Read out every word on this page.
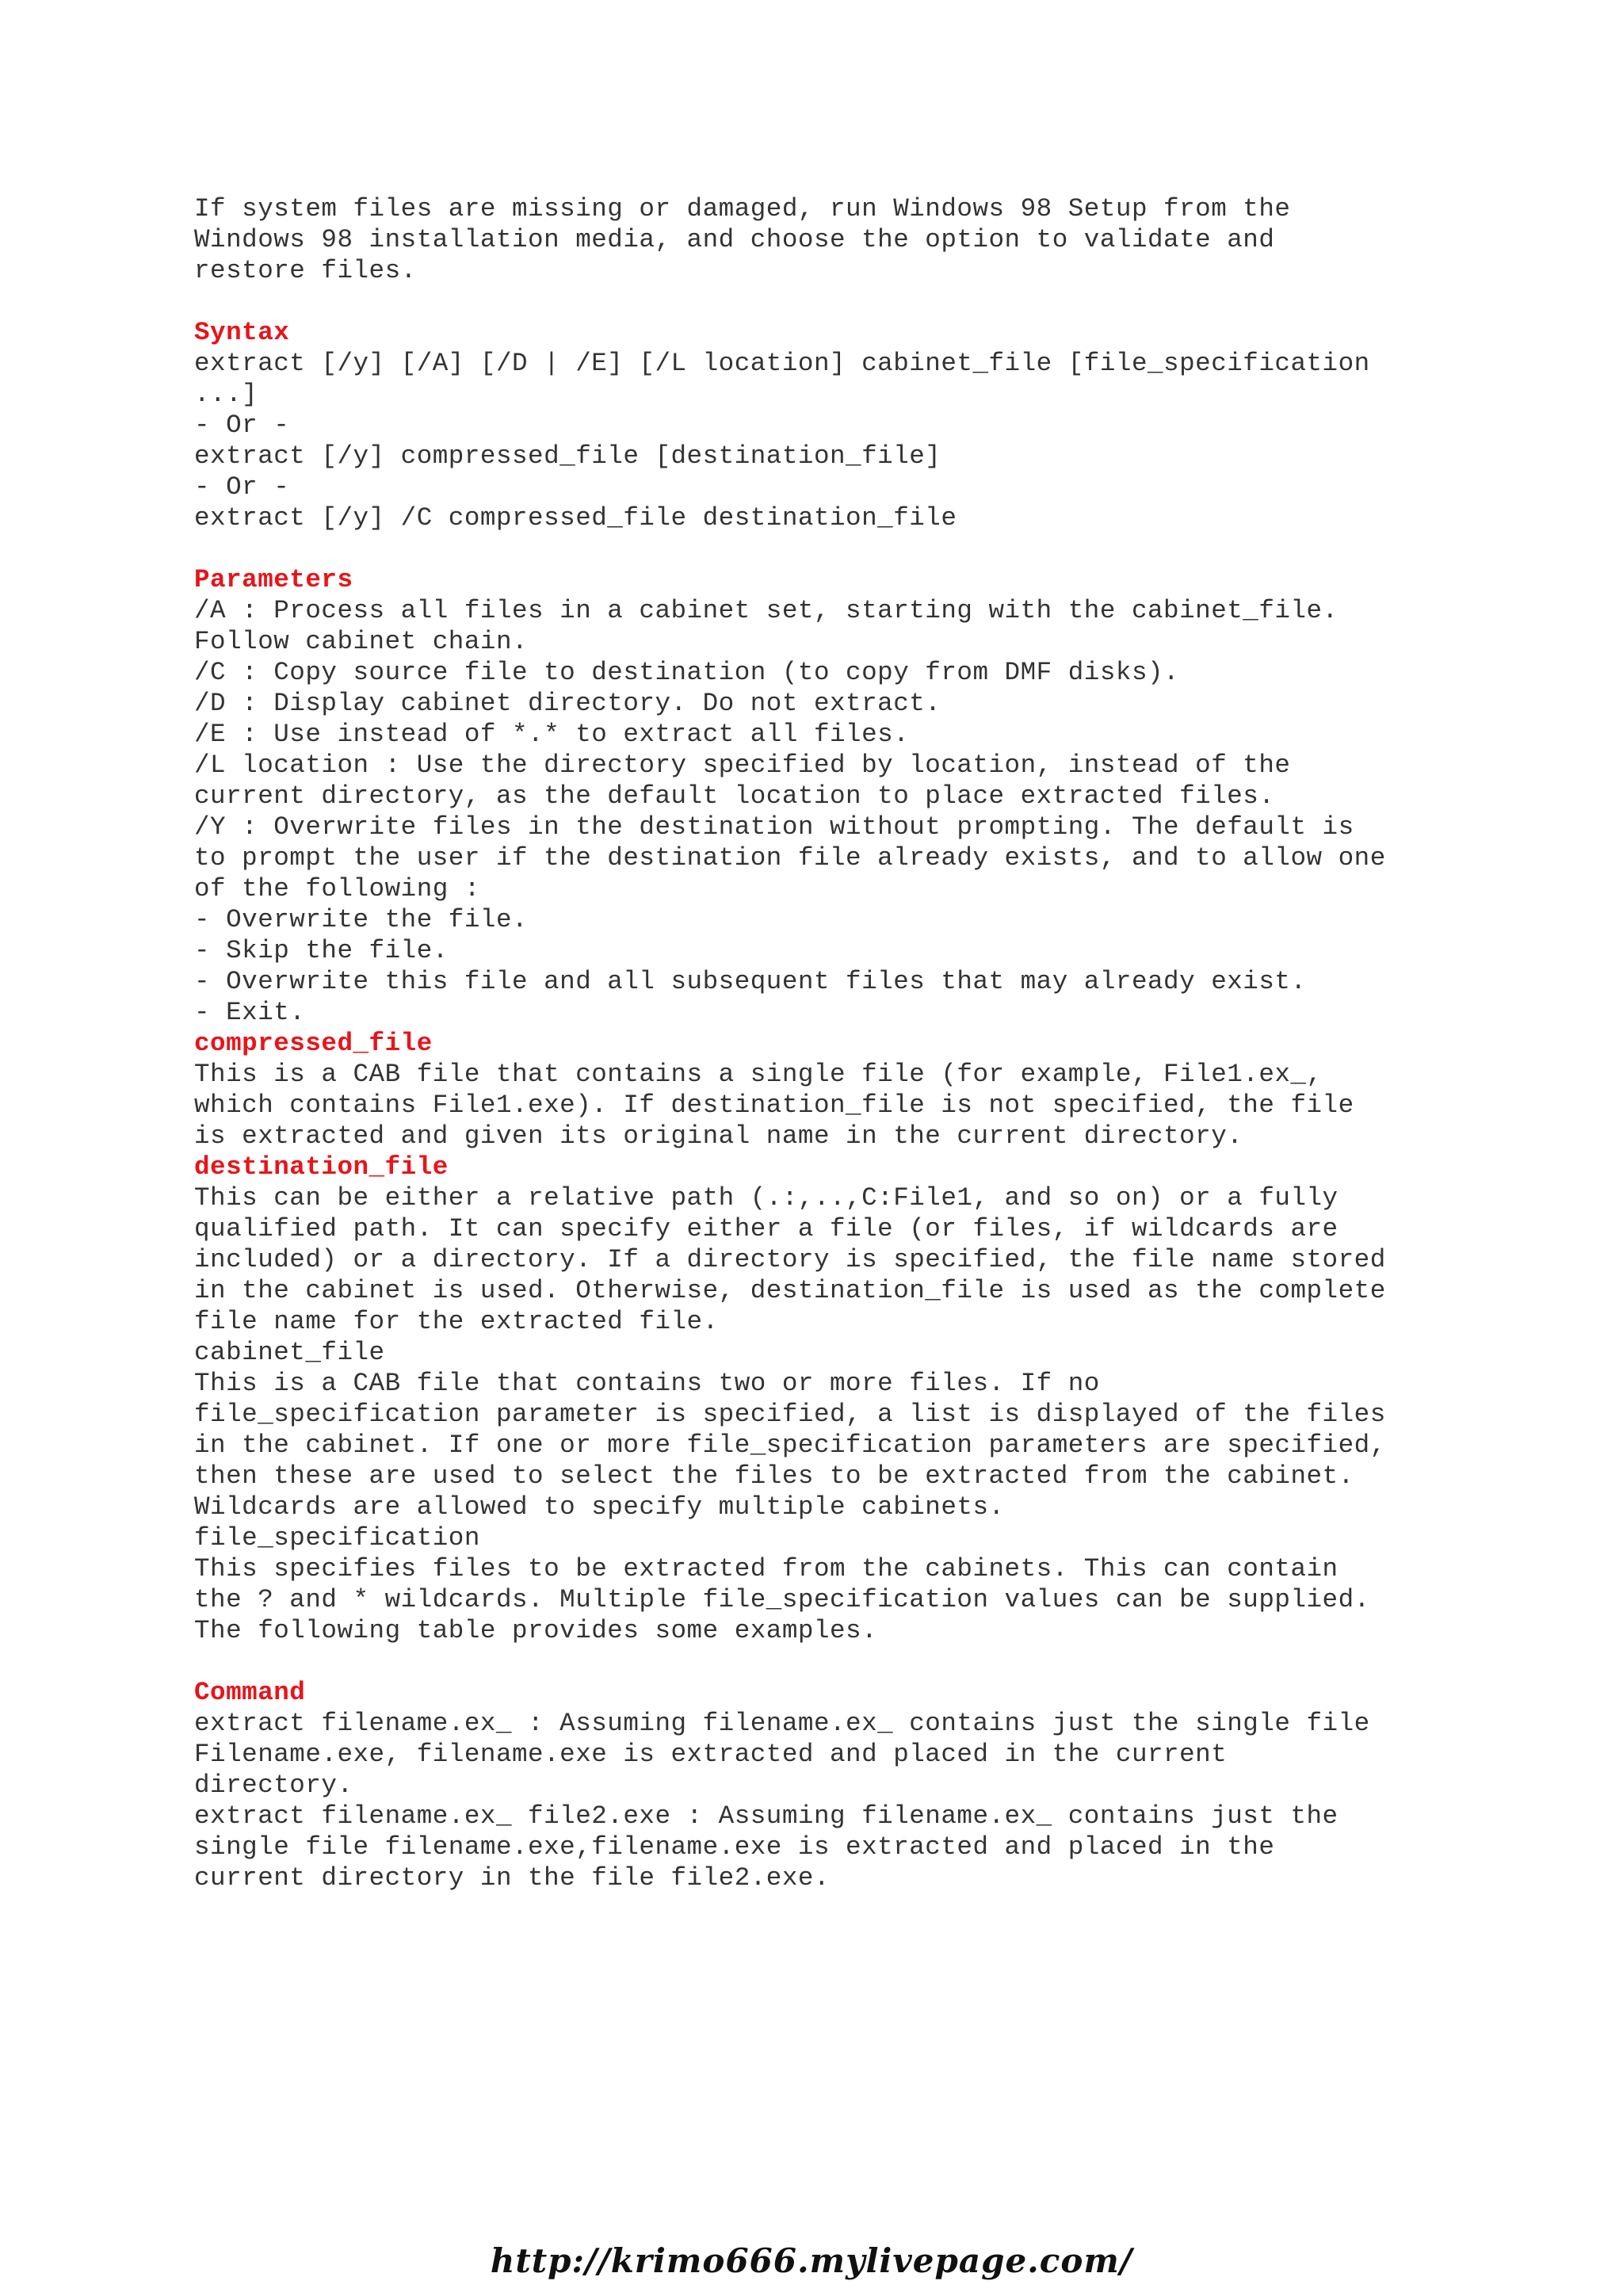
If system files are missing or damaged, run Windows 98 Setup from the
Windows 98 installation media, and choose the option to validate and
restore files.
Syntax
extract [/y] [/A] [/D | /E] [/L location] cabinet_file [file_specification
...]
- Or -
extract [/y] compressed_file [destination_file]
- Or -
extract [/y] /C compressed_file destination_file
Parameters
/A : Process all files in a cabinet set, starting with the cabinet_file.
Follow cabinet chain.
/C : Copy source file to destination (to copy from DMF disks).
/D : Display cabinet directory. Do not extract.
/E : Use instead of *.* to extract all files.
/L location : Use the directory specified by location, instead of the
current directory, as the default location to place extracted files.
/Y : Overwrite files in the destination without prompting. The default is
to prompt the user if the destination file already exists, and to allow one
of the following :
- Overwrite the file.
- Skip the file.
- Overwrite this file and all subsequent files that may already exist.
- Exit.
compressed_file
This is a CAB file that contains a single file (for example, File1.ex_,
which contains File1.exe). If destination_file is not specified, the file
is extracted and given its original name in the current directory.
destination_file
This can be either a relative path (.:,..,C:File1, and so on) or a fully
qualified path. It can specify either a file (or files, if wildcards are
included) or a directory. If a directory is specified, the file name stored
in the cabinet is used. Otherwise, destination_file is used as the complete
file name for the extracted file.
cabinet_file
This is a CAB file that contains two or more files. If no
file_specification parameter is specified, a list is displayed of the files
in the cabinet. If one or more file_specification parameters are specified,
then these are used to select the files to be extracted from the cabinet.
Wildcards are allowed to specify multiple cabinets.
file_specification
This specifies files to be extracted from the cabinets. This can contain
the ? and * wildcards. Multiple file_specification values can be supplied.
The following table provides some examples.
Command
extract filename.ex_ : Assuming filename.ex_ contains just the single file
Filename.exe, filename.exe is extracted and placed in the current
directory.
extract filename.ex_ file2.exe : Assuming filename.ex_ contains just the
single file filename.exe,filename.exe is extracted and placed in the
current directory in the file file2.exe.
http://krimo666.mylivepage.com/
